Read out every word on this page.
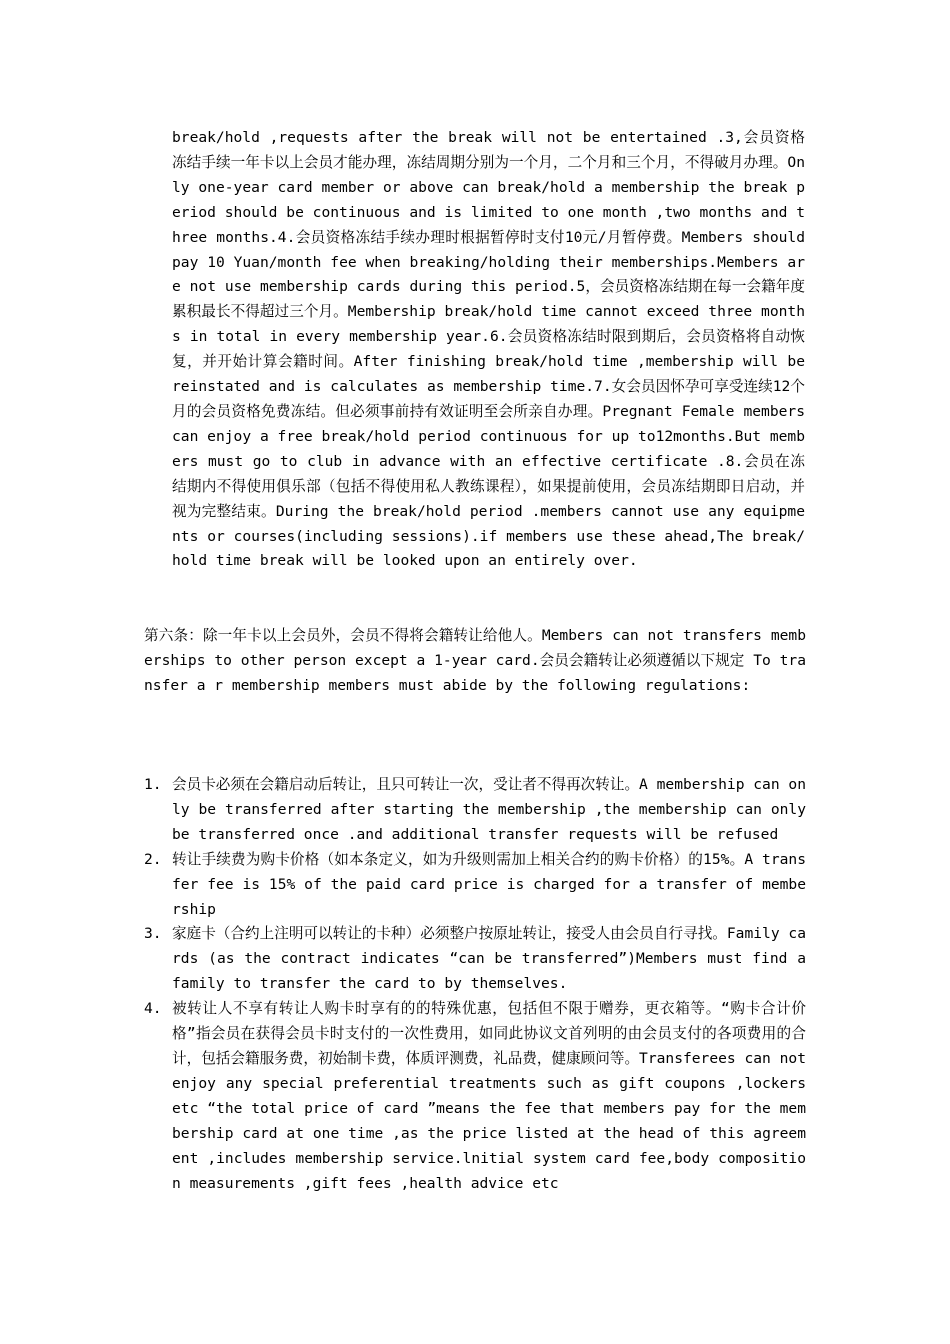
break/hold ,requests after the break will not be entertained .3,会员资格冻结手续一年卡以上会员才能办理，冻结周期分别为一个月，二个月和三个月，不得破月办理。Only one-year card member or above can break/hold a membership the break period should be continuous and is limited to one month ,two months and three months.4.会员资格冻结手续办理时根据暂停时支付10元/月暂停费。Members should pay 10 Yuan/month fee when breaking/holding their memberships.Members are not use membership cards during this period.5，会员资格冻结期在每一会籍年度累积最长不得超过三个月。Membership break/hold time cannot exceed three months in total in every membership year.6.会员资格冻结时限到期后，会员资格将自动恢复，并开始计算会籍时间。After finishing break/hold time ,membership will be reinstated and is calculates as membership time.7.女会员因怀孕可享受连续12个月的会员资格免费冻结。但必须事前持有效证明至会所亲自办理。Pregnant Female members can enjoy a free break/hold period continuous for up to12months.But members must go to club in advance with an effective certificate .8.会员在冻结期内不得使用俱乐部（包括不得使用私人教练课程），如果提前使用，会员冻结期即日启动，并视为完整结束。During the break/hold period .members cannot use any equipments or courses(including sessions).if members use these ahead,The break/hold time break will be looked upon an entirely over.

第六条：除一年卡以上会员外，会员不得将会籍转让给他人。Members can not transfers memberships to other person except a 1-year card.会员会籍转让必须遵循以下规定 To transfer a r membership members must abide by the following regulations:

1. 会员卡必须在会籍启动后转让，且只可转让一次，受让者不得再次转让。A membership can only be transferred after starting the membership ,the membership can only be transferred once .and additional transfer requests will be refused
2. 转让手续费为购卡价格（如本条定义，如为升级则需加上相关合约的购卡价格）的15%。A transfer fee is 15% of the paid card price is charged for a transfer of membership
3. 家庭卡（合约上注明可以转让的卡种）必须整户按原址转让，接受人由会员自行寻找。Family cards (as the contract indicates “can be transferred”)Members must find a family to transfer the card to by themselves.
4. 被转让人不享有转让人购卡时享有的的特殊优惠，包括但不限于赠券，更衣箱等。“购卡合计价格”指会员在获得会员卡时支付的一次性费用，如同此协议文首列明的由会员支付的各项费用的合计，包括会籍服务费，初始制卡费，体质评测费，礼品费，健康顾问等。Transferees can not enjoy any special preferential treatments such as gift coupons ,lockers etc “the total price of card ”means the fee that members pay for the membership card at one time ,as the price listed at the head of this agreement ,includes membership service.lnitial system card fee,body composition measurements ,gift fees ,health advice etc
